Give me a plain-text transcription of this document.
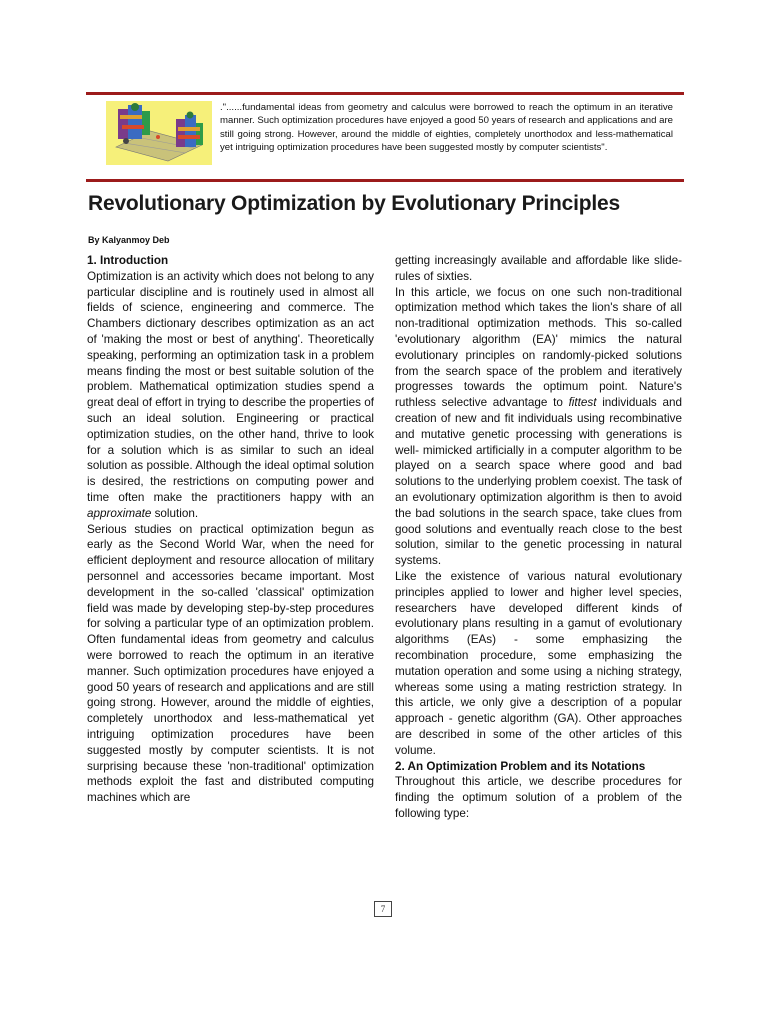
."......fundamental ideas from geometry and calculus were borrowed to reach the optimum in an iterative manner. Such optimization procedures have enjoyed a good 50 years of research and applications and are still going strong. However, around the middle of eighties, completely unorthodox and less-mathematical yet intriguing optimization procedures have been suggested mostly by computer scientists".
Revolutionary Optimization by Evolutionary Principles
By Kalyanmoy Deb

1. Introduction

Optimization is an activity which does not belong to any particular discipline and is routinely used in almost all fields of science, engineering and commerce. The Chambers dictionary describes optimization as an act of 'making the most or best of anything'. Theoretically speaking, performing an optimization task in a problem means finding the most or best suitable solution of the problem. Mathematical optimization studies spend a great deal of effort in trying to describe the properties of such an ideal solution. Engineering or practical optimization studies, on the other hand, thrive to look for a solution which is as similar to such an ideal solution as possible. Although the ideal optimal solution is desired, the restrictions on computing power and time often make the practitioners happy with an approximate solution.

Serious studies on practical optimization begun as early as the Second World War, when the need for efficient deployment and resource allocation of military personnel and accessories became important. Most development in the so-called 'classical' optimization field was made by developing step-by-step procedures for solving a particular type of an optimization problem. Often fundamental ideas from geometry and calculus were borrowed to reach the optimum in an iterative manner. Such optimization procedures have enjoyed a good 50 years of research and applications and are still going strong. However, around the middle of eighties, completely unorthodox and less-mathematical yet intriguing optimization procedures have been suggested mostly by computer scientists. It is not surprising because these 'non-traditional' optimization methods exploit the fast and distributed computing machines which are

getting increasingly available and affordable like slide-rules of sixties.

In this article, we focus on one such non-traditional optimization method which takes the lion's share of all non-traditional optimization methods. This so-called 'evolutionary algorithm (EA)' mimics the natural evolutionary principles on randomly-picked solutions from the search space of the problem and iteratively progresses towards the optimum point. Nature's ruthless selective advantage to fittest individuals and creation of new and fit individuals using recombinative and mutative genetic processing with generations is well- mimicked artificially in a computer algorithm to be played on a search space where good and bad solutions to the underlying problem coexist. The task of an evolutionary optimization algorithm is then to avoid the bad solutions in the search space, take clues from good solutions and eventually reach close to the best solution, similar to the genetic processing in natural systems.

Like the existence of various natural evolutionary principles applied to lower and higher level species, researchers have developed different kinds of evolutionary plans resulting in a gamut of evolutionary algorithms (EAs) - some emphasizing the recombination procedure, some emphasizing the mutation operation and some using a niching strategy, whereas some using a mating restriction strategy. In this article, we only give a description of a popular approach - genetic algorithm (GA). Other approaches are described in some of the other articles of this volume.

2. An Optimization Problem and its Notations

Throughout this article, we describe procedures for finding the optimum solution of a problem of the following type:

7
